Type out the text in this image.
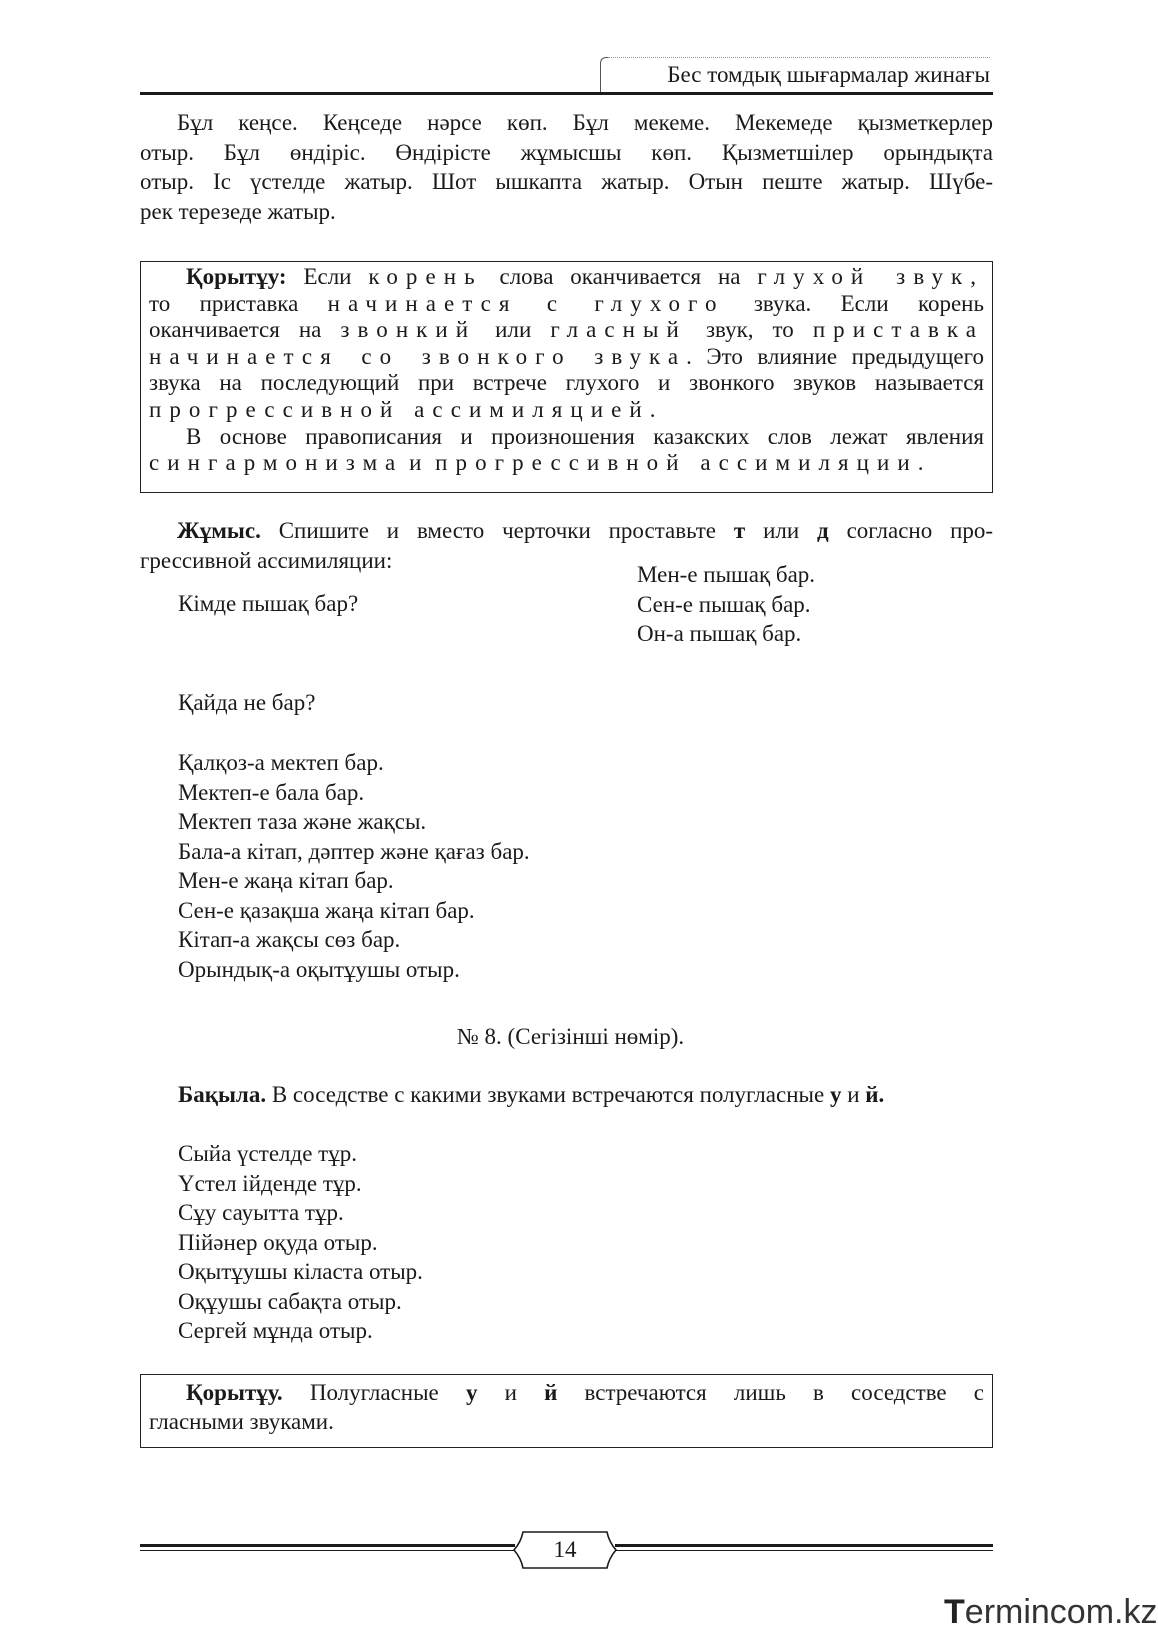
Бес томдық шығармалар жинағы
Бұл кеңсе. Кеңседе нәрсе көп. Бұл мекеме. Мекемеде қызметкерлер
отыр. Бұл өндіріс. Өндірісте жұмысшы көп. Қызметшілер орындықта
отыр. Іс үстелде жатыр. Шот ышкапта жатыр. Отын пеште жатыр. Шүбе-
рек терезеде жатыр.
Қорытұу: Если корень слова оканчивается на глухой звук,
то приставка начинается с глухого звука. Если корень
оканчивается на звонкий или гласный звук, то приставка
начинается со звонкого звука. Это влияние предыдущего
звука на последующий при встрече глухого и звонкого звуков называется
прогрессивной ассимиляцией.
В основе правописания и произношения казакских слов лежат явления
сингармонизма и прогрессивной ассимиляции.
Жұмыс. Спишите и вместо черточки проставьте т или д согласно про-
грессивной ассимиляции:
Кімде пышақ бар?
Мен-е пышақ бар.
Сен-е пышақ бар.
Он-а пышақ бар.
Қайда не бар?
Қалқоз-а мектеп бар.
Мектеп-е бала бар.
Мектеп таза және жақсы.
Бала-а кітап, дәптер және қағаз бар.
Мен-е жаңа кітап бар.
Сен-е қазақша жаңа кітап бар.
Кітап-а жақсы сөз бар.
Орындық-а оқытұушы отыр.
№ 8. (Сегізінші нөмір).
Бақыла. В соседстве с какими звуками встречаются полугласные у и й.
Сыйа үстелде тұр.
Үстел ійденде тұр.
Сұу сауытта тұр.
Пійәнер оқуда отыр.
Оқытұушы кіласта отыр.
Оқұушы сабақта отыр.
Сергей мұнда отыр.
Қорытұу. Полугласные у и й встречаются лишь в соседстве с
гласными звуками.
14
Termincom.kz
